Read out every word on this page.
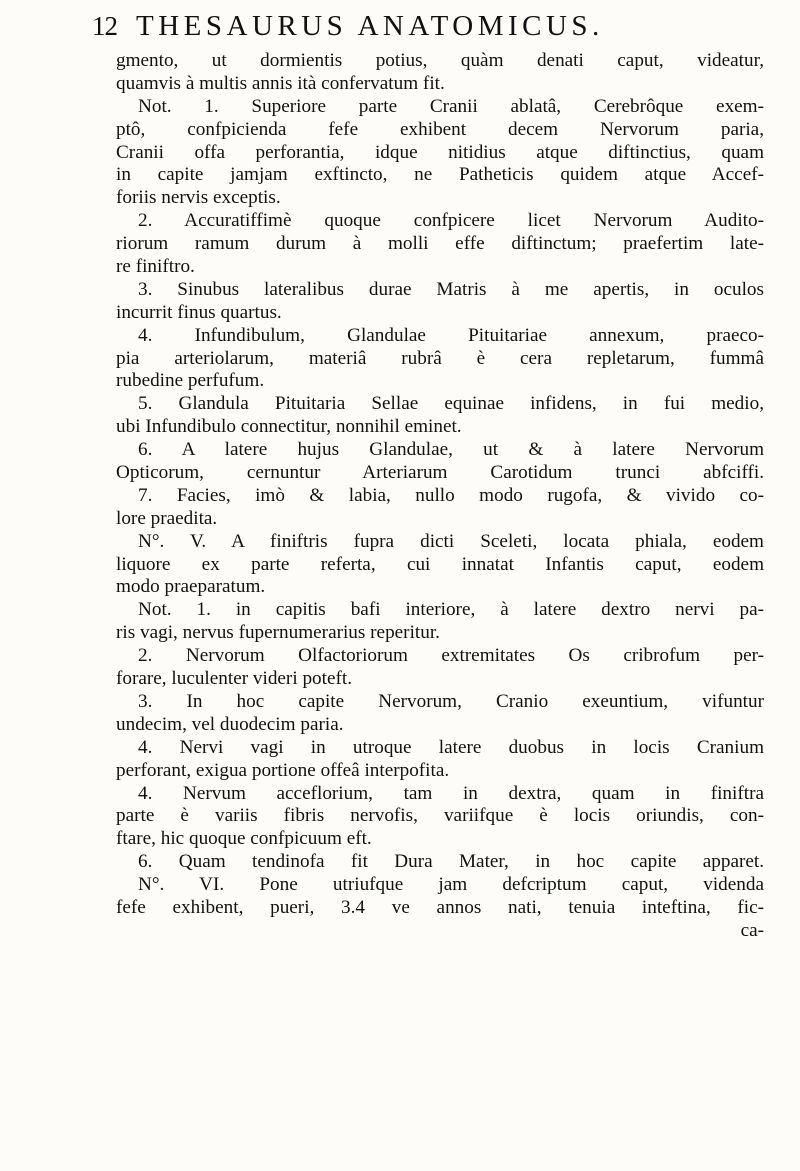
12 THESAURUS ANATOMICUS.
gmento, ut dormientis potius, quàm denati caput, videatur,
quamvis à multis annis ità confervatum fit.
Not. 1. Superiore parte Cranii ablatâ, Cerebrôque exem-
ptô, confpicienda fefe exhibent decem Nervorum paria,
Cranii offa perforantia, idque nitidius atque diftinctius, quam
in capite jamjam exftincto, ne Patheticis quidem atque Accef-
foriis nervis exceptis.
2. Accuratiffimè quoque confpicere licet Nervorum Audito-
riorum ramum durum à molli effe diftinctum; praefertim late-
re finiftro.
3. Sinubus lateralibus durae Matris à me apertis, in oculos
incurrit finus quartus.
4. Infundibulum, Glandulae Pituitariae annexum, praeco-
pia arteriolarum, materiâ rubrâ è cera repletarum, fummâ
rubedine perfufum.
5. Glandula Pituitaria Sellae equinae infidens, in fui medio,
ubi Infundibulo connectitur, nonnihil eminet.
6. A latere hujus Glandulae, ut & à latere Nervorum
Opticorum, cernuntur Arteriarum Carotidum trunci abfciffi.
7. Facies, imò & labia, nullo modo rugofa, & vivido co-
lore praedita.
N°. V. A finiftris fupra dicti Sceleti, locata phiala, eodem
liquore ex parte referta, cui innatat Infantis caput, eodem
modo praeparatum.
Not. 1. in capitis bafi interiore, à latere dextro nervi pa-
ris vagi, nervus fupernumerarius reperitur.
2. Nervorum Olfactoriorum extremitates Os cribrofum per-
forare, luculenter videri poteft.
3. In hoc capite Nervorum, Cranio exeuntium, vifuntur
undecim, vel duodecim paria.
4. Nervi vagi in utroque latere duobus in locis Cranium
perforant, exigua portione offeâ interpofita.
4. Nervum acceflorium, tam in dextra, quam in finiftra
parte è variis fibris nervofis, variifque è locis oriundis, con-
ftare, hic quoque confpicuum eft.
6. Quam tendinofa fit Dura Mater, in hoc capite apparet.
N°. VI. Pone utriufque jam defcriptum caput, videnda
fefe exhibent, pueri, 3.4 ve annos nati, tenuia inteftina, fic-
ca-
